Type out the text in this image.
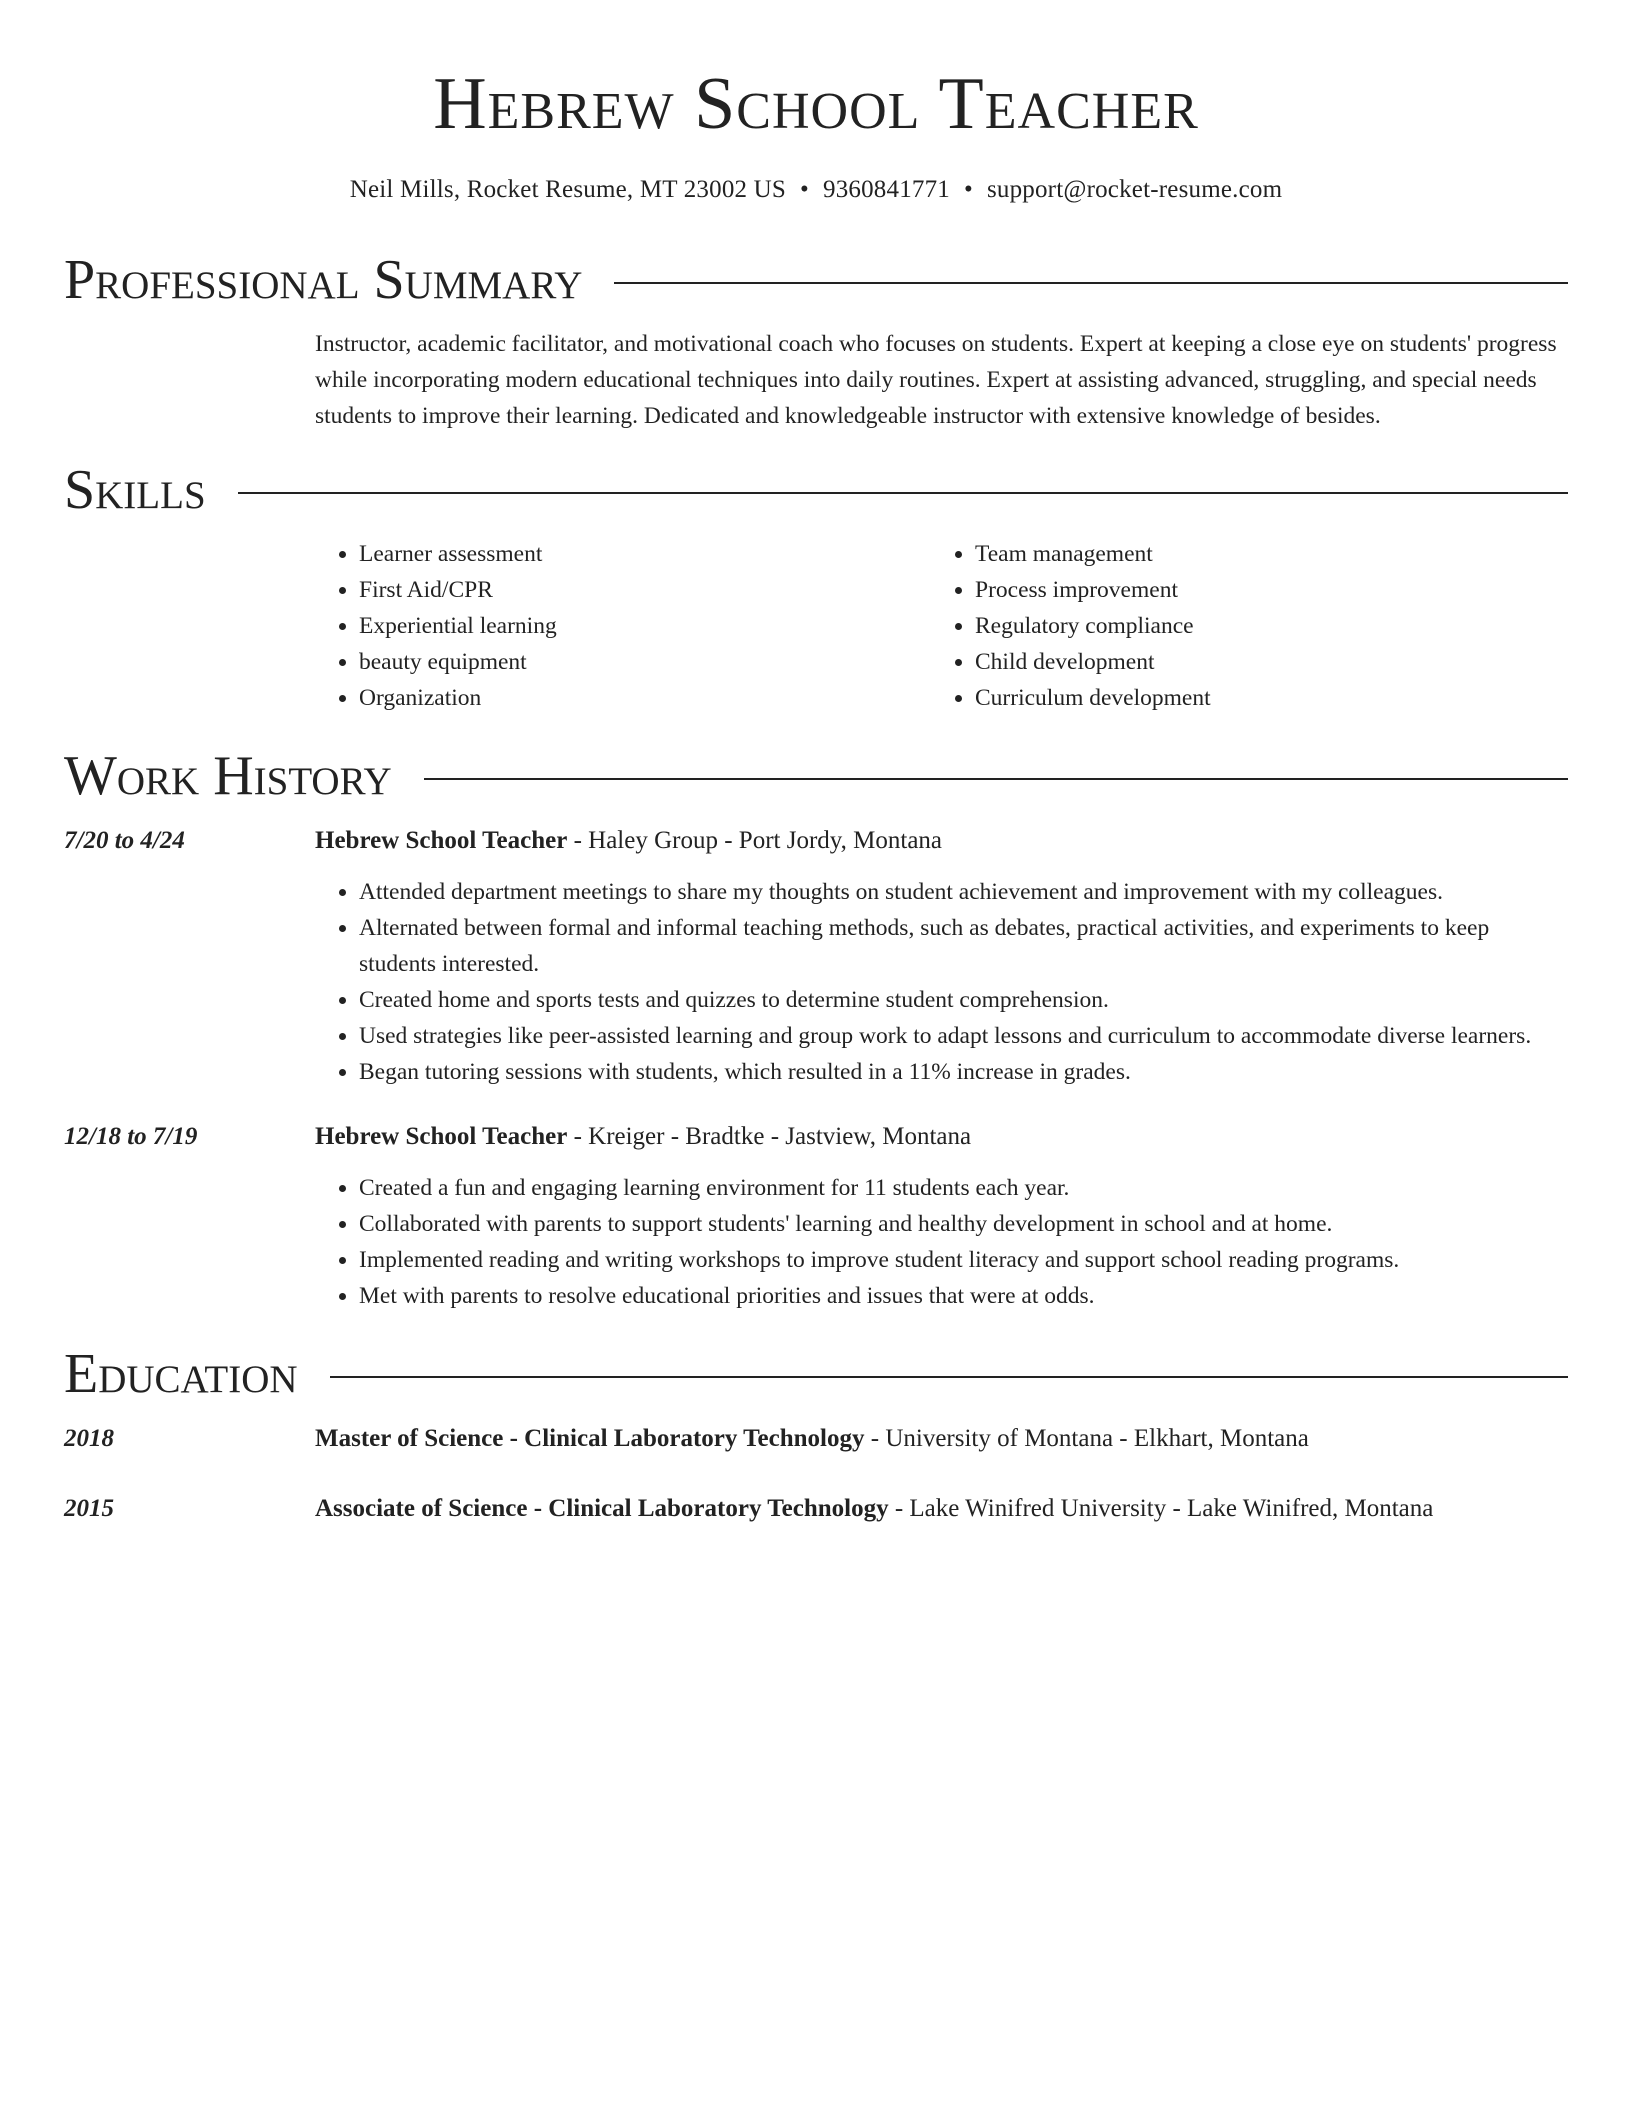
Hebrew School Teacher
Neil Mills, Rocket Resume, MT 23002 US • 9360841771 • support@rocket-resume.com
Professional Summary
Instructor, academic facilitator, and motivational coach who focuses on students. Expert at keeping a close eye on students' progress while incorporating modern educational techniques into daily routines. Expert at assisting advanced, struggling, and special needs students to improve their learning. Dedicated and knowledgeable instructor with extensive knowledge of besides.
Skills
• Learner assessment
• First Aid/CPR
• Experiential learning
• beauty equipment
• Organization
• Team management
• Process improvement
• Regulatory compliance
• Child development
• Curriculum development
Work History
7/20 to 4/24	Hebrew School Teacher - Haley Group - Port Jordy, Montana
• Attended department meetings to share my thoughts on student achievement and improvement with my colleagues.
• Alternated between formal and informal teaching methods, such as debates, practical activities, and experiments to keep students interested.
• Created home and sports tests and quizzes to determine student comprehension.
• Used strategies like peer-assisted learning and group work to adapt lessons and curriculum to accommodate diverse learners.
• Began tutoring sessions with students, which resulted in a 11% increase in grades.
12/18 to 7/19	Hebrew School Teacher - Kreiger - Bradtke - Jastview, Montana
• Created a fun and engaging learning environment for 11 students each year.
• Collaborated with parents to support students' learning and healthy development in school and at home.
• Implemented reading and writing workshops to improve student literacy and support school reading programs.
• Met with parents to resolve educational priorities and issues that were at odds.
Education
2018	Master of Science - Clinical Laboratory Technology - University of Montana - Elkhart, Montana
2015	Associate of Science - Clinical Laboratory Technology - Lake Winifred University - Lake Winifred, Montana
